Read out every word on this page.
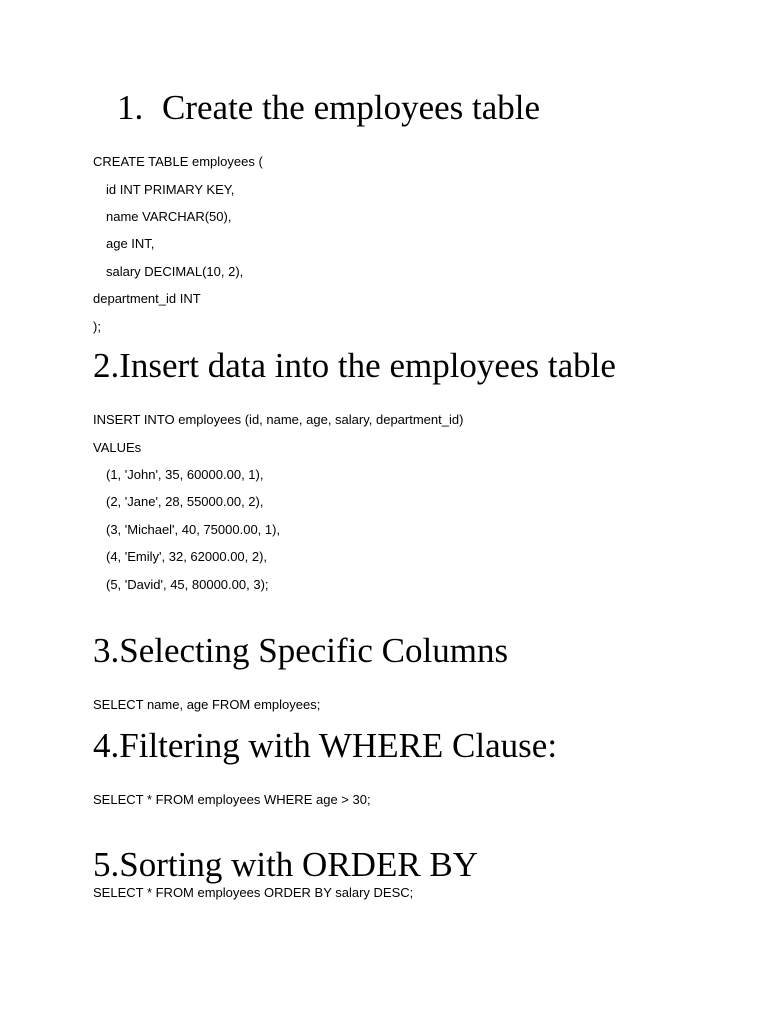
1. Create the employees table
CREATE TABLE employees (
id INT PRIMARY KEY,
name VARCHAR(50),
age INT,
salary DECIMAL(10, 2),
department_id INT
);
2.Insert data into the employees table
INSERT INTO employees (id, name, age, salary, department_id)
VALUEs
(1, 'John', 35, 60000.00, 1),
(2, 'Jane', 28, 55000.00, 2),
(3, 'Michael', 40, 75000.00, 1),
(4, 'Emily', 32, 62000.00, 2),
(5, 'David', 45, 80000.00, 3);
3.Selecting Specific Columns
SELECT name, age FROM employees;
4.Filtering with WHERE Clause:
SELECT * FROM employees WHERE age > 30;
5.Sorting with ORDER BY
SELECT * FROM employees ORDER BY salary DESC;
